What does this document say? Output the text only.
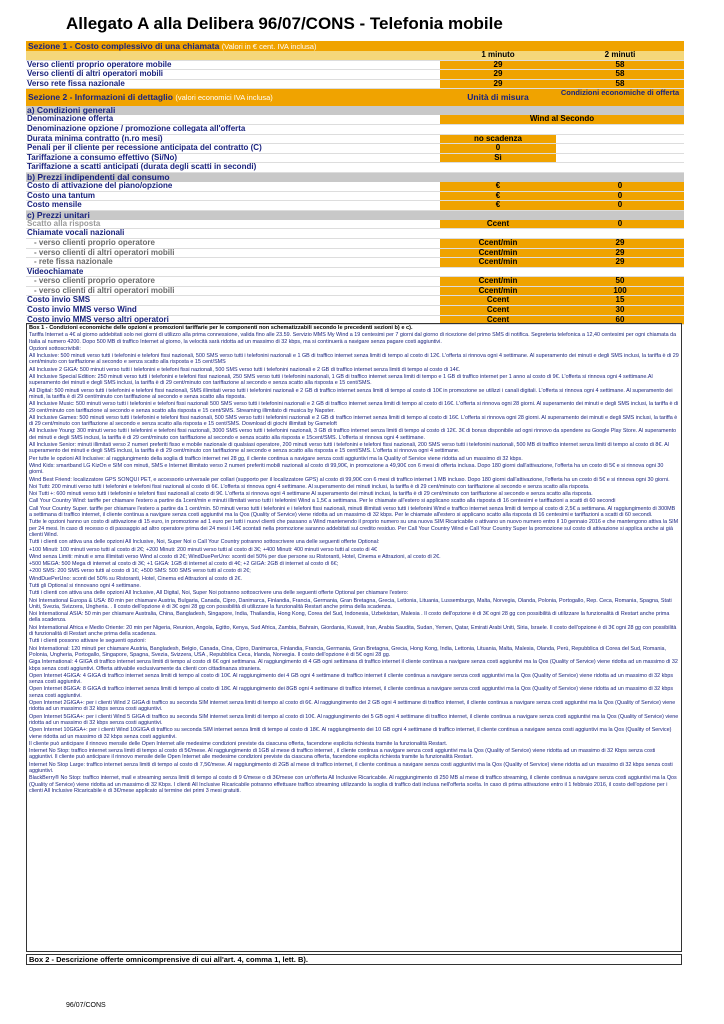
Allegato A alla Delibera 96/07/CONS - Telefonia mobile
Sezione 1 - Costo complessivo di una chiamata (Valori in € cent. IVA inclusa)
1 minuto	2 minuti
Verso clienti proprio operatore mobile	29	58
Verso clienti di altri operatori mobili	29	58
Verso rete fissa nazionale	29	58
Sezione 2 - Informazioni di dettaglio (valori economici IVA inclusa)	Unità di misura	Condizioni economiche di offerta
a) Condizioni generali
Denominazione offerta	Wind al Secondo
Denominazione opzione / promozione collegata all'offerta
Durata minima contratto (n.ro mesi)	no scadenza
Penali per il cliente per recessione anticipata del contratto (C)	0
Tariffazione a consumo effettivo (Si/No)	Sì
Tariffazione a scatti anticipati (durata degli scatti in secondi)
b) Prezzi indipendenti dal consumo
Costo di attivazione del piano/opzione	€	0
Costo una tantum	€	0
Costo mensile	€	0
c) Prezzi unitari
Scatto alla risposta	Ccent	0
Chiamate vocali nazionali
- verso clienti proprio operatore	Ccent/min	29
- verso clienti di altri operatori mobili	Ccent/min	29
- rete fissa nazionale	Ccent/min	29
Videochiamate
- verso clienti proprio operatore	Ccent/min	50
- verso clienti di altri operatori mobili	Ccent/min	100
Costo invio SMS	Ccent	15
Costo invio MMS verso Wind	Ccent	30
Costo invio MMS verso altri operatori	Ccent	60

Box 1 - Condizioni economiche delle opzioni e promozioni tariffarie per le componenti non schematizzabili secondo le precedenti sezioni b) e c).

Tariffa Internet a 4€ al giorno addebitati solo nei giorni di utilizzo alla prima connessione, valida fino alle 23.59. Servizio MMS My Wind a 19 centesimi per 7 giorni dal giorno di ricezione del primo SMS di notifica. Segreteria telefonica a 12,40 centesimi per ogni chiamata da Italia al numero 4200. Dopo 500 MB di traffico Internet al giorno, la velocità sarà ridotta ad un massimo di 32 kbps, ma si continuerà a navigare senza pagare costi aggiuntivi.

Opzioni sottoscrivibili:

All Inclusive: 500 minuti verso tutti i telefonini e telefoni fissi nazionali, 500 SMS verso tutti i telefonini nazionali e 1 GB di traffico internet senza limiti di tempo al costo di 12€. L'offerta si rinnova ogni 4 settimane. Al superamento dei minuti e degli SMS inclusi, la tariffa è di 29 cent/minuto con tariffazione al secondo e senza scatto alla risposta e 15 cent/SMS

All Inclusive 2 GIGA: 500 minuti verso tutti i telefonini e telefoni fissi nazionali, 500 SMS verso tutti i telefonini nazionali e 2 GB di traffico internet senza limiti di tempo al costo di 14€.

All Inclusive Special Edition: 250 minuti verso tutti i telefonini e telefoni fissi nazionali, 250 SMS verso tutti i telefonini nazionali, 1 GB di traffico internet senza limiti di tempo e 1 GB di traffico internet per 1 anno al costo di 9€. L'offerta si rinnova ogni 4 settimane.Al superamento dei minuti e degli SMS inclusi, la tariffa è di 29 cent/minuto con tariffazione al secondo e senza scatto alla risposta e 15 cent/SMS.

All Digital: 500 minuti verso tutti i telefonini e telefoni fissi nazionali, SMS illimitati verso tutti i telefonini nazionali e 2 GB di traffico internet senza limiti di tempo al costo di 10€ in promozione se utilizzi i canali digitali. L'offerta si rinnova ogni 4 settimane. Al superamento dei minuti, la tariffa è di 29 cent/minuto con tariffazione al secondo e senza scatto alla risposta.

All Inclusive Music: 500 minuti verso tutti i telefonini e telefoni fissi nazionali 500 SMS verso tutti i telefonini nazionali e 2 GB di traffico internet senza limiti di tempo al costo di 16€. L'offerta si rinnova ogni 28 giorni. Al superamento dei minuti e degli SMS inclusi, la tariffa è di 29 cent/minuto con tariffazione al secondo e senza scatto alla risposta e 15 cent/SMS. Streaming illimitato di musica by Napster.

All Inclusive Games: 500 minuti verso tutti i telefonini e telefoni fissi nazionali, 500 SMS verso tutti i telefonini nazionali e 2 GB di traffico internet senza limiti di tempo al costo di 16€. L'offerta si rinnova ogni 28 giorni. Al superamento dei minuti e degli SMS inclusi, la tariffa è di 29 cent/minuto con tariffazione al secondo e senza scatto alla risposta e 15 cent/SMS. Download di giochi illimitati by Gameloft

All Inclusive Young: 300 minuti verso tutti i telefonini e telefoni fissi nazionali, 3000 SMS verso tutti i telefonini nazionali, 3 GB di traffico internet senza limiti di tempo al costo di 12€. 3€ di bonus disponibile ad ogni rinnovo da spendere su Google Play Store. Al superamento dei minuti e degli SMS inclusi, la tariffa è di 29 cent/minuto con tariffazione al secondo e senza scatto alla risposta e 15cent/SMS. L'offerta si rinnova ogni 4 settimane.

All Inclusive Senior: minuti illimitati verso 2 numeri preferiti fisso e mobile nazionale di qualsiasi operatore, 200 minuti verso tutti i telefonini e telefoni fissi nazionali, 200 SMS verso tutti i telefonini nazionali, 500 MB di traffico internet senza limiti di tempo al costo di 8€. Al superamento dei minuti e degli SMS inclusi, la tariffa è di 29 cent/minuto con tariffazione al secondo e senza scatto alla risposta e 15 cent/SMS. L'offerta si rinnova ogni 4 settimane.

Per tutte le opzioni All Inclusive: al raggiungimento della soglia di traffico internet nei 28 gg, il cliente continua a navigare senza costi aggiuntivi ma la Quality of Service viene ridotta ad un massimo di 32 kbps.

Wind Kids: smartband LG KizOn e SIM con minuti, SMS e Internet illimitato verso 2 numeri preferiti mobili nazionali al costo di 99,90€, in promozione a 49,90€ con 6 mesi di offerta inclusa. Dopo 180 giorni dall'attivazione, l'offerta ha un costo di 5€ e si rinnova ogni 30 giorni.

Wind Best Friend: localizzatore GPS SONQUI PET, e accessorio universale per collari (supporto per il localizzatore GPS) al costo di 99,90€ con 6 mesi di traffico internet 1 MB incluso. Dopo 180 giorni dall'attivazione, l'offerta ha un costo di 5€ e si rinnova ogni 30 giorni.

Noi Tutti: 200 minuti verso tutti i telefonini e telefoni fissi nazionali al costo di 6€. L'offerta si rinnova ogni 4 settimane. Al superamento dei minuti inclusi, la tariffa è di 29 cent/minuto con tariffazione al secondo e senza scatto alla risposta.

Noi Tutti +: 600 minuti verso tutti i telefonini e telefoni fissi nazionali al costo di 9€. L'offerta si rinnova ogni 4 settimane Al superamento dei minuti inclusi, la tariffa è di 29 cent/minuto con tariffazione al secondo e senza scatto alla risposta.

Call Your Country Wind: tariffe per chiamare l'estero a partire da 1cent/min e minuti illimitati verso tutti i telefonini Wind a 1,5€ a settimana. Per le chiamate all'estero si applicano scatto alla risposta di 16 centesimi e tariffazioni a scatti di 60 secondi

Call Your Country Super. tariffe per chiamare l'estero a partire da 1 cent/min. 50 minuti verso tutti i telefonini e i telefoni fissi nazionali, minuti illimitati verso tutti i telefonini Wind e traffico internet senza limiti di tempo al costo di 2,5€ a settimana. Al raggiungimento di 300MB a settimana di traffico internet, il cliente continua a navigare senza costi aggiuntivi ma la Qos (Quality of Service) viene ridotta ad un massimo di 32 kbps. Per le chiamate all'estero si applicano scatto alla risposta di 16 centesimi e tariffazioni a scatti di 60 secondi.

Tutte le opzioni hanno un costo di attivazione di 15 euro, in promozione ad 1 euro per tutti i nuovi clienti che passano a Wind mantenendo il proprio numero su una nuova SIM Ricaricabile o attivano un nuovo numero entro il 10 gennaio 2016 e che mantengono attiva la SIM per 24 mesi. In caso di recesso o di passaggio ad altro operatore prima dei 24 mesi i 14€ scontati nella promozione saranno addebitati sul credito residuo. Per Call Your Country Wind e Call Your Country Super la promozione sul costo di attivazione si applica anche ai già clienti Wind.

Tutti i clienti con attiva una delle opzioni All Inclusive, Noi, Super Noi o Call Your Country potranno sottoscrivere una delle seguenti offerte Optional:

+100 Minuti: 100 minuti verso tutti al costo di 2€; +200 Minuti: 200 minuti verso tutti al costo di 3€; +400 Minuti: 400 minuti verso tutti al costo di 4€

Wind senza Limiti: minuti e sms illimitati verso Wind al costo di 2€; WindDuePerUno: sconti del 50% per due persone su Ristoranti, Hotel, Cinema e Attrazioni, al costo di 2€.

+500 MEGA: 500 Mega di internet al costo di 3€; +1 GIGA: 1GB di internet al costo di 4€; +2 GIGA: 2GB di internet al costo di 6€;

+200 SMS: 200 SMS verso tutti al costo di 1€; +500 SMS: 500 SMS verso tutti al costo di 2€;

WindDuePerUno: sconti del 50% su Ristoranti, Hotel, Cinema ed Attrazioni al costo di 2€.

Tutti gli Optional si rinnovano ogni 4 settimane.

Tutti i clienti con attiva una delle opzioni All Inclusive, All Digital, Noi, Super Noi potranno sottoscrivere una delle seguenti offerte Optional per chiamare l'estero:

Noi International Europa & USA: 80 min per chiamare Austria, Bulgaria, Canada, Cipro, Danimarca, Finlandia, Francia, Germania, Gran Bretagna, Grecia, Lettonia, Lituania, Lussemburgo, Malta, Norvegia, Olanda, Polonia, Portogallo, Rep. Ceca, Romania, Spagna, Stati Uniti, Svezia, Svizzera, Ungheria. . Il costo dell'opzione è di 3€ ogni 28 gg con possibilità di utilizzare la funzionalità Restart anche prima della scadenza.

Noi International ASIA: 50 min per chiamare Australia, China, Bangladesh, Singapore, India, Thailandia, Hong Kong, Corea del Sud, Indonesia, Uzbekistan, Malesia . Il costo dell'opzione è di 3€ ogni 28 gg con possibilità di utilizzare la funzionalità di Restart anche prima della scadenza.

Noi International Africa e Medio Oriente: 20 min per Nigeria, Reunion, Angola, Egitto, Kenya, Sud Africa, Zambia, Bahrain, Giordania, Kuwait, Iran, Arabia Saudita, Sudan, Yemen, Qatar, Emirati Arabi Uniti, Siria, Israele. Il costo dell'opzione è di 3€ ogni 28 gg con possibilità di funzionalità di Restart anche prima della scadenza.

Tutti i clienti possono attivare le seguenti opzioni:

Noi International: 120 minuti per chiamare Austria, Bangladesh, Belgio, Canada, Cina, Cipro, Danimarca, Finlandia, Francia, Germania, Gran Bretagna, Grecia, Hong Kong, India, Lettonia, Lituania, Malta, Malesia, Olanda, Perù, Repubblica di Corea del Sud, Romania, Polonia, Ungheria, Portogallo, Singapore, Spagna, Svezia, Svizzera, USA , Repubblica Ceca, Irlanda, Norvegia. Il costo dell'opzione è di 5€ ogni 28 gg.

Giga International: 4 GIGA di traffico internet senza limiti di tempo al costo di 6€ ogni settimana. Al raggiungimento di 4 GB ogni settimana di traffico internet il cliente continua a navigare senza costi aggiuntivi ma la Qos (Quality of Service) viene ridotta ad un massimo di 32 kbps senza costi aggiuntivi. Offerta attivabile esclusivamente da clienti con cittadinanza straniera.

Open Internet 4GIGA: 4 GIGA di traffico internet senza limiti di tempo al costo di 10€. Al raggiungimento dei 4 GB ogni 4 settimane di traffico internet il cliente continua a navigare senza costi aggiuntivi ma la Qos (Quality of Service) viene ridotta ad un massimo di 32 kbps senza costi aggiuntivi.

Open Internet 8GIGA: 8 GIGA di traffico internet senza limiti di tempo al costo di 18€. Al raggiungimento dei 8GB ogni 4 settimane di traffico internet, il cliente continua a navigare senza costi aggiuntivi ma la Qos (Quality of Service) viene ridotta ad un massimo di 32 kbps senza costi aggiuntivi.

Open Internet 2GIGA+: per i clienti Wind 2 GIGA di traffico su seconda SIM internet senza limiti di tempo al costo di 6€. Al raggiungimento dei 2 GB ogni 4 settimane di traffico internet, il cliente continua a navigare senza costi aggiuntivi ma la Qos (Quality of Service) viene ridotta ad un massimo di 32 kbps senza costi aggiuntivi.

Open Internet 5GIGA+: per i clienti Wind 5 GIGA di traffico su seconda SIM internet senza limiti di tempo al costo di 10€. Al raggiungimento dei 5 GB ogni 4 settimane di traffico internet, il cliente continua a navigare senza costi aggiuntivi ma la Qos (Quality of Service) viene ridotta ad un massimo di 32 kbps senza costi aggiuntivi.

Open Internet 10GIGA+: per i clienti Wind 10GIGA di traffico su seconda SIM internet senza limiti di tempo al costo di 18€. Al raggiungimento dei 10 GB ogni 4 settimane di traffico internet, il cliente continua a navigare senza costi aggiuntivi ma la Qos (Quality of Service) viene ridotta ad un massimo di 32 kbps senza costi aggiuntivi.

Il cliente può anticipare il rinnovo mensile delle Open Internet alle medesime condizioni previste da ciascuna offerta, facendone esplicita richiesta tramite la funzionalità Restart.

Internet No Stop: traffico internet senza limiti di tempo al costo di 5€/mese. Al raggiungimento di 1GB al mese di traffico internet , il cliente continua a navigare senza costi aggiuntivi ma la Qos (Quality of Service) viene ridotta ad un massimo di 32 Kbps senza costi aggiuntivi. Il cliente può anticipare il rinnovo mensile delle Open Internet alle medesime condizioni previste da ciascuna offerta, facendone esplicita richiesta tramite la funzionalità Restart.

Internet No Stop Large: traffico internet senza limiti di tempo al costo di 7,5€/mese. Al raggiungimento di 2GB al mese di traffico internet, il cliente continua a navigare senza costi aggiuntivi ma la Qos (Quality of Service) viene ridotta ad un massimo di 32 kbps senza costi aggiuntivi.

BlackBerry® No Stop: traffico internet, mail e streaming senza limiti di tempo al costo di 9 €/mese o di 3€/mese con un'offerta All Inclusive Ricaricabile. Al raggiungimento di 250 MB al mese di traffico streaming, il cliente continua a navigare senza costi aggiuntivi ma la Qos (Quality of Service) viene ridotta ad un massimo di 32 Kbps. I clienti All Inclusive Ricaricabile potranno effettuare traffico streaming utilizzando la soglia di traffico dati inclusa nell'offerta scelta. In caso di prima attivazione entro il 1 febbraio 2016, il costo dell'opzione per i clienti All Inclusive Ricaricabile è di 3€/mese applicato al termine dei primi 3 mesi gratuiti.

Box 2 - Descrizione offerte omnicomprensive di cui all'art. 4, comma 1, lett. B).
96/07/CONS
